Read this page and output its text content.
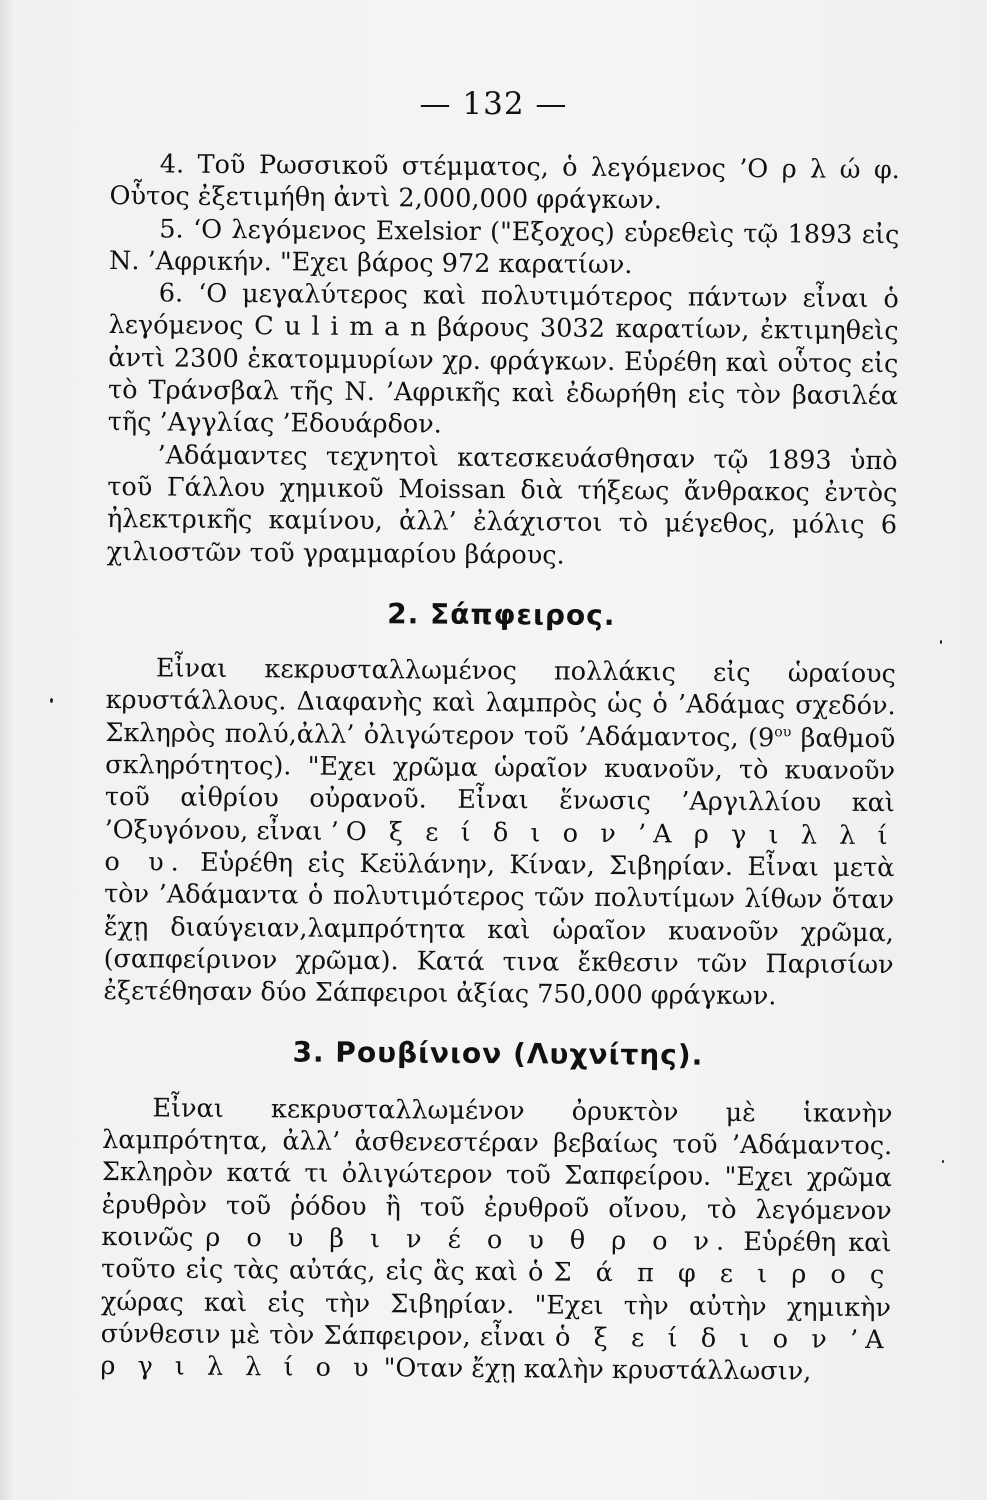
— 132 —

4. Τοῦ Ρωσσικοῦ στέμματος, ὁ λεγόμενος ’Ο ρ λ ώ φ. Οὗτος ἐξετιμήθη ἀντὶ 2,000,000 φράγκων.

5. ‘Ο λεγόμενος Exelsior ("Εξοχος) εὑρεθεὶς τῷ 1893 εἰς Ν. ’Αφρικήν. "Εχει βάρος 972 καρατίων.

6. ‘Ο μεγαλύτερος καὶ πολυτιμότερος πάντων εἶναι ὁ λεγόμενος C u l i m a n βάρους 3032 καρατίων, ἐκτιμηθεὶς ἀντὶ 2300 ἑκατομμυρίων χρ. φράγκων. Εὑρέθη καὶ οὗτος εἰς τὸ Τράνσβαλ τῆς Ν. ’Αφρικῆς καὶ ἐδωρήθη εἰς τὸν βασιλέα τῆς ’Αγγλίας ’Εδουάρδον.

’Αδάμαντες τεχνητοὶ κατεσκευάσθησαν τῷ 1893 ὑπὸ τοῦ Γάλλου χημικοῦ Moissan διὰ τήξεως ἄνθρακος ἐντὸς ἠλεκτρικῆς καμίνου, ἀλλ’ ἐλάχιστοι τὸ μέγεθος, μόλις 6 χιλιοστῶν τοῦ γραμμαρίου βάρους.

2. Σάπφειρος.

Εἶναι κεκρυσταλλωμένος πολλάκις εἰς ὡραίους κρυστάλλους. Διαφανὴς καὶ λαμπρὸς ὡς ὁ ’Αδάμας σχεδόν. Σκληρὸς πολύ,ἀλλ’ ὀλιγώτερον τοῦ ’Αδάμαντος, ($9^{o\upsilon}$ βαθμοῦ σκληρότητος). "Εχει χρῶμα ὡραῖον κυανοῦν, τὸ κυανοῦν τοῦ αἰθρίου οὐρανοῦ. Εἶναι ἕνωσις ’Αργιλλίου καὶ ’Οξυγόνου, εἶναι ’Ο ξ ε ί δ ι ο ν ’Α ρ γ ι λ λ ί ο υ. Εὑρέθη εἰς Κεϋλάνην, Κίναν, Σιβηρίαν. Εἶναι μετὰ τὸν ’Αδάμαντα ὁ πολυτιμότερος τῶν πολυτίμων λίθων ὅταν ἔχῃ διαύγειαν,λαμπρότητα καὶ ὡραῖον κυανοῦν χρῶμα, (σαπφείρινον χρῶμα). Κατά τινα ἔκθεσιν τῶν Παρισίων ἐξετέθησαν δύο Σάπφειροι ἀξίας 750,000 φράγκων.

3. Ρουβίνιον (Λυχνίτης).

Εἶναι κεκρυσταλλωμένον ὀρυκτὸν μὲ ἱκανὴν λαμπρότητα, ἀλλ’ ἀσθενεστέραν βεβαίως τοῦ ’Αδάμαντος. Σκληρὸν κατά τι ὀλιγώτερον τοῦ Σαπφείρου. "Εχει χρῶμα ἐρυθρὸν τοῦ ῥόδου ἢ τοῦ ἐρυθροῦ οἴνου, τὸ λεγόμενον κοινῶς ρ ο υ β ι ν έ ο υ θ ρ ο ν. Εὑρέθη καὶ τοῦτο εἰς τὰς αὐτάς, εἰς ἃς καὶ ὁ Σ ά π φ ε ι ρ ο ς χώρας καὶ εἰς τὴν Σιβηρίαν. "Εχει τὴν αὐτὴν χημικὴν σύνθεσιν μὲ τὸν Σάπφειρον, εἶναι ὁ ξ ε ί δ ι ο ν ’Α ρ γ ι λ λ ί ο υ "Οταν ἔχῃ καλὴν κρυστάλλωσιν,
